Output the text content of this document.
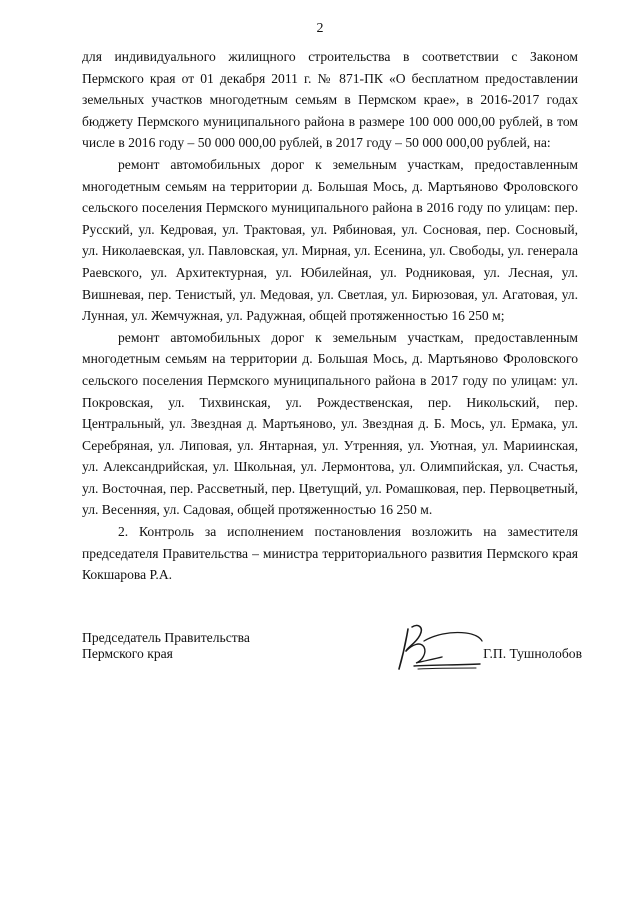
2

для индивидуального жилищного строительства в соответствии с Законом Пермского края от 01 декабря 2011 г. № 871-ПК «О бесплатном предоставлении земельных участков многодетным семьям в Пермском крае», в 2016-2017 годах бюджету Пермского муниципального района в размере 100 000 000,00 рублей, в том числе в 2016 году – 50 000 000,00 рублей, в 2017 году – 50 000 000,00 рублей, на:

ремонт автомобильных дорог к земельным участкам, предоставленным многодетным семьям на территории д. Большая Мось, д. Мартьяново Фроловского сельского поселения Пермского муниципального района в 2016 году по улицам: пер. Русский, ул. Кедровая, ул. Трактовая, ул. Рябиновая, ул. Сосновая, пер. Сосновый, ул. Николаевская, ул. Павловская, ул. Мирная, ул. Есенина, ул. Свободы, ул. генерала Раевского, ул. Архитектурная, ул. Юбилейная, ул. Родниковая, ул. Лесная, ул. Вишневая, пер. Тенистый, ул. Медовая, ул. Светлая, ул. Бирюзовая, ул. Агатовая, ул. Лунная, ул. Жемчужная, ул. Радужная, общей протяженностью 16 250 м;

ремонт автомобильных дорог к земельным участкам, предоставленным многодетным семьям на территории д. Большая Мось, д. Мартьяново Фроловского сельского поселения Пермского муниципального района в 2017 году по улицам: ул. Покровская, ул. Тихвинская, ул. Рождественская, пер. Никольский, пер. Центральный, ул. Звездная д. Мартьяново, ул. Звездная д. Б. Мось, ул. Ермака, ул. Серебряная, ул. Липовая, ул. Янтарная, ул. Утренняя, ул. Уютная, ул. Мариинская, ул. Александрийская, ул. Школьная, ул. Лермонтова, ул. Олимпийская, ул. Счастья, ул. Восточная, пер. Рассветный, пер. Цветущий, ул. Ромашковая, пер. Первоцветный, ул. Весенняя, ул. Садовая, общей протяженностью 16 250 м.

2. Контроль за исполнением постановления возложить на заместителя председателя Правительства – министра территориального развития Пермского края Кокшарова Р.А.

Председатель Правительства
Пермского края	Г.П. Тушнолобов
